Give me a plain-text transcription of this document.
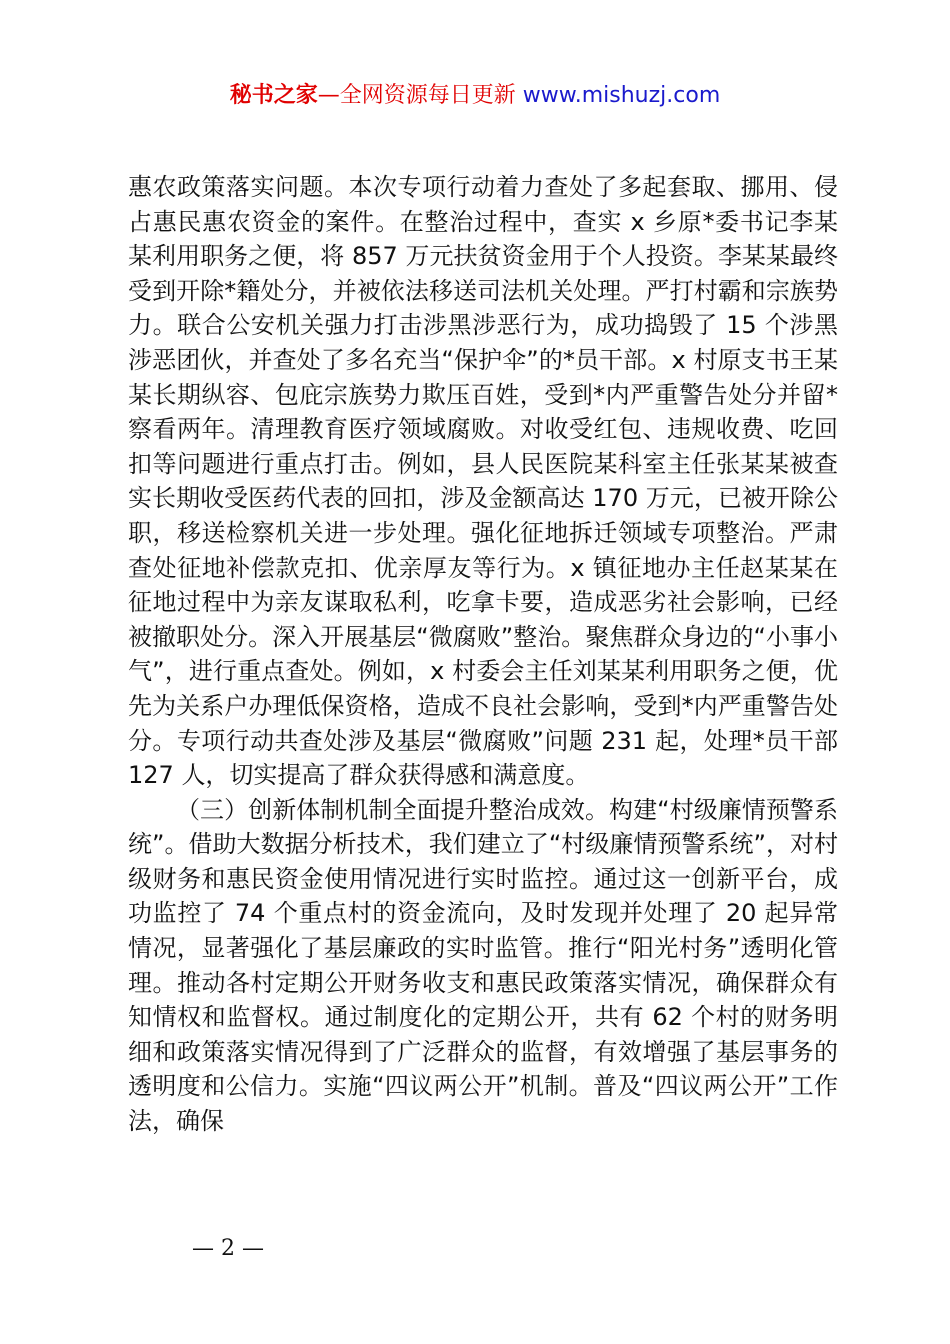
秘书之家—全网资源每日更新 www.mishuzj.com

惠农政策落实问题。本次专项行动着力查处了多起套取、挪用、侵占惠民惠农资金的案件。在整治过程中，查实 x 乡原*委书记李某某利用职务之便，将 857 万元扶贫资金用于个人投资。李某某最终受到开除*籍处分，并被依法移送司法机关处理。严打村霸和宗族势力。联合公安机关强力打击涉黑涉恶行为，成功捣毁了 15 个涉黑涉恶团伙，并查处了多名充当“保护伞”的*员干部。x 村原支书王某某长期纵容、包庇宗族势力欺压百姓，受到*内严重警告处分并留*察看两年。清理教育医疗领域腐败。对收受红包、违规收费、吃回扣等问题进行重点打击。例如，县人民医院某科室主任张某某被查实长期收受医药代表的回扣，涉及金额高达 170 万元，已被开除公职，移送检察机关进一步处理。强化征地拆迁领域专项整治。严肃查处征地补偿款克扣、优亲厚友等行为。x 镇征地办主任赵某某在征地过程中为亲友谋取私利，吃拿卡要，造成恶劣社会影响，已经被撤职处分。深入开展基层“微腐败”整治。聚焦群众身边的“小事小气”，进行重点查处。例如，x 村委会主任刘某某利用职务之便，优先为关系户办理低保资格，造成不良社会影响，受到*内严重警告处分。专项行动共查处涉及基层“微腐败”问题 231 起，处理*员干部 127 人，切实提高了群众获得感和满意度。

（三）创新体制机制全面提升整治成效。构建“村级廉情预警系统”。借助大数据分析技术，我们建立了“村级廉情预警系统”，对村级财务和惠民资金使用情况进行实时监控。通过这一创新平台，成功监控了 74 个重点村的资金流向，及时发现并处理了 20 起异常情况，显著强化了基层廉政的实时监管。推行“阳光村务”透明化管理。推动各村定期公开财务收支和惠民政策落实情况，确保群众有知情权和监督权。通过制度化的定期公开，共有 62 个村的财务明细和政策落实情况得到了广泛群众的监督，有效增强了基层事务的透明度和公信力。实施“四议两公开”机制。普及“四议两公开”工作法，确保

— 2 —
